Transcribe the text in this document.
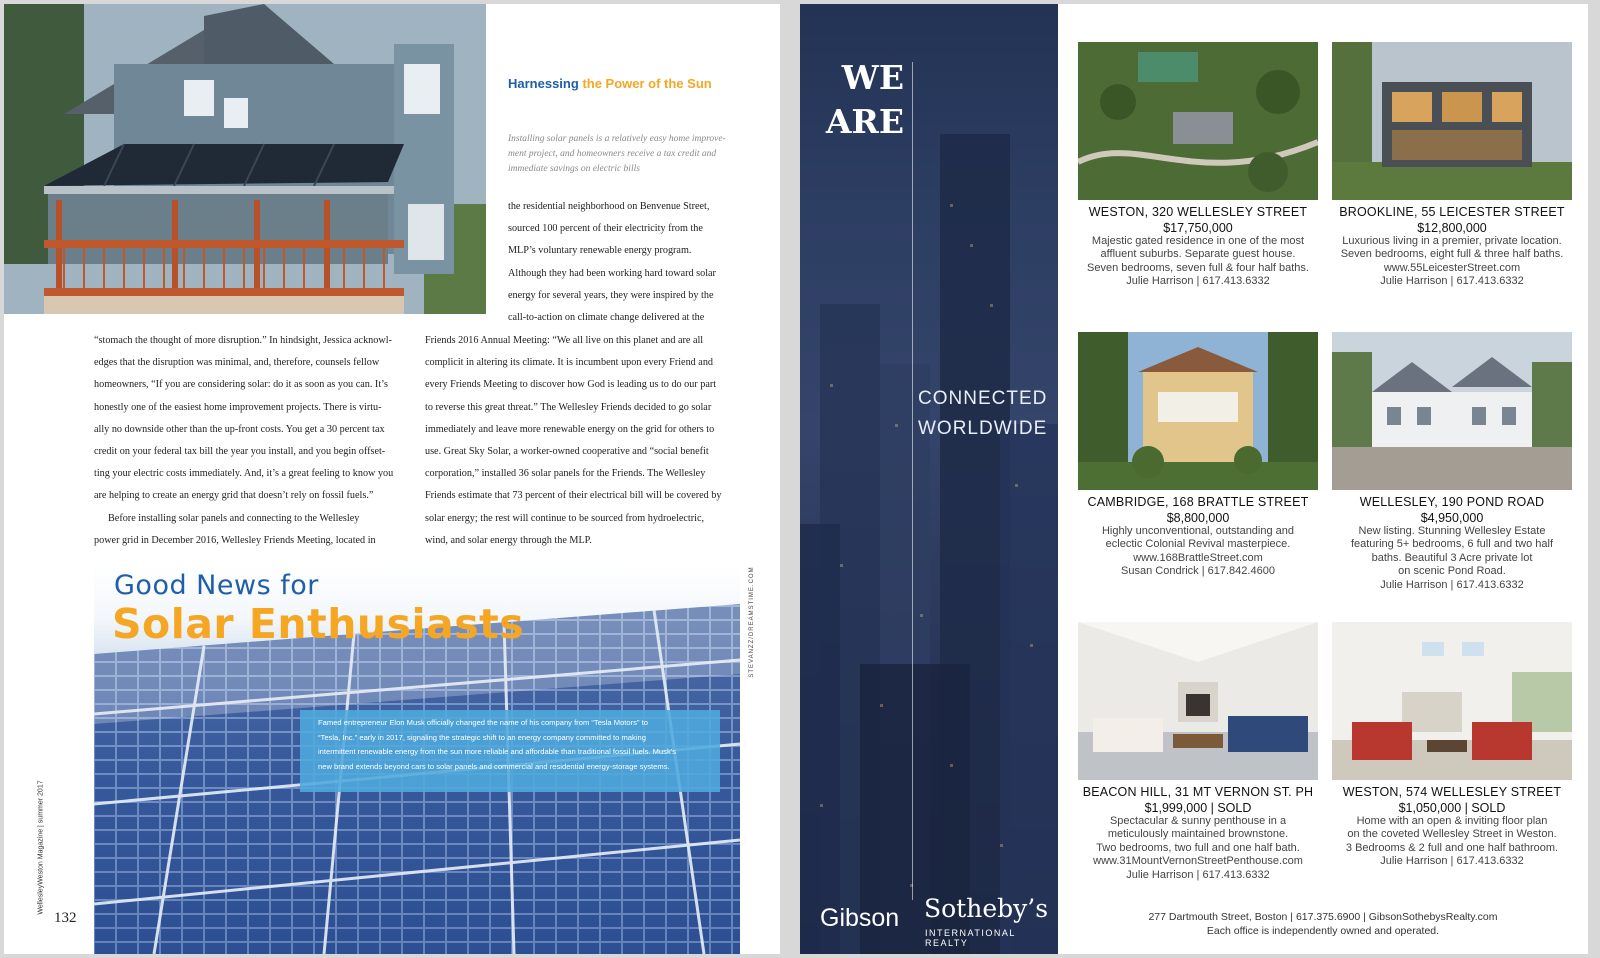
Harnessing the Power of the Sun
Installing solar panels is a relatively easy home improve-
ment project, and homeowners receive a tax credit and
immediate savings on electric bills

the residential neighborhood on Benvenue Street,

sourced 100 percent of their electricity from the

MLP’s voluntary renewable energy program.

Although they had been working hard toward solar

energy for several years, they were inspired by the

call-to-action on climate change delivered at the

“stomach the thought of more disruption.” In hindsight, Jessica acknowl-

edges that the disruption was minimal, and, therefore, counsels fellow

homeowners, “If you are considering solar: do it as soon as you can. It’s

honestly one of the easiest home improvement projects. There is virtu-

ally no downside other than the up-front costs. You get a 30 percent tax

credit on your federal tax bill the year you install, and you begin offset-

ting your electric costs immediately. And, it’s a great feeling to know you

are helping to create an energy grid that doesn’t rely on fossil fuels.”

Before installing solar panels and connecting to the Wellesley

power grid in December 2016, Wellesley Friends Meeting, located in

Friends 2016 Annual Meeting: “We all live on this planet and are all

complicit in altering its climate. It is incumbent upon every Friend and

every Friends Meeting to discover how God is leading us to do our part

to reverse this great threat.” The Wellesley Friends decided to go solar

immediately and leave more renewable energy on the grid for others to

use. Great Sky Solar, a worker-owned cooperative and “social benefit

corporation,” installed 36 solar panels for the Friends. The Wellesley

Friends estimate that 73 percent of their electrical bill will be covered by

solar energy; the rest will continue to be sourced from hydroelectric,

wind, and solar energy through the MLP.

Good News for
Solar Enthusiasts
Famed entrepreneur Elon Musk officially changed the name of his company from “Tesla Motors” to
“Tesla, Inc.” early in 2017, signaling the strategic shift to an energy company committed to making
intermittent renewable energy from the sun more reliable and affordable than traditional fossil fuels. Musk’s
new brand extends beyond cars to solar panels and commercial and residential energy-storage systems.
STEVANZZ/DREAMSTIME.COM
WellesleyWeston Magazine | summer 2017
132
WE
ARE
CONNECTED
WORLDWIDE
Gibson Sotheby’s
INTERNATIONAL REALTY
WESTON, 320 WELLESLEY STREET
$17,750,000
Majestic gated residence in one of the most
affluent suburbs. Separate guest house.
Seven bedrooms, seven full & four half baths.
Julie Harrison | 617.413.6332
BROOKLINE, 55 LEICESTER STREET
$12,800,000
Luxurious living in a premier, private location.
Seven bedrooms, eight full & three half baths.
www.55LeicesterStreet.com
Julie Harrison | 617.413.6332
CAMBRIDGE, 168 BRATTLE STREET
$8,800,000
Highly unconventional, outstanding and
eclectic Colonial Revival masterpiece.
www.168BrattleStreet.com
Susan Condrick | 617.842.4600
WELLESLEY, 190 POND ROAD
$4,950,000
New listing. Stunning Wellesley Estate
featuring 5+ bedrooms, 6 full and two half
baths. Beautiful 3 Acre private lot
on scenic Pond Road.
Julie Harrison | 617.413.6332
BEACON HILL, 31 MT VERNON ST. PH
$1,999,000 | SOLD
Spectacular & sunny penthouse in a
meticulously maintained brownstone.
Two bedrooms, two full and one half bath.
www.31MountVernonStreetPenthouse.com
Julie Harrison | 617.413.6332
WESTON, 574 WELLESLEY STREET
$1,050,000 | SOLD
Home with an open & inviting floor plan
on the coveted Wellesley Street in Weston.
3 Bedrooms & 2 full and one half bathroom.
Julie Harrison | 617.413.6332
277 Dartmouth Street, Boston | 617.375.6900 | GibsonSothebysRealty.com
Each office is independently owned and operated.
